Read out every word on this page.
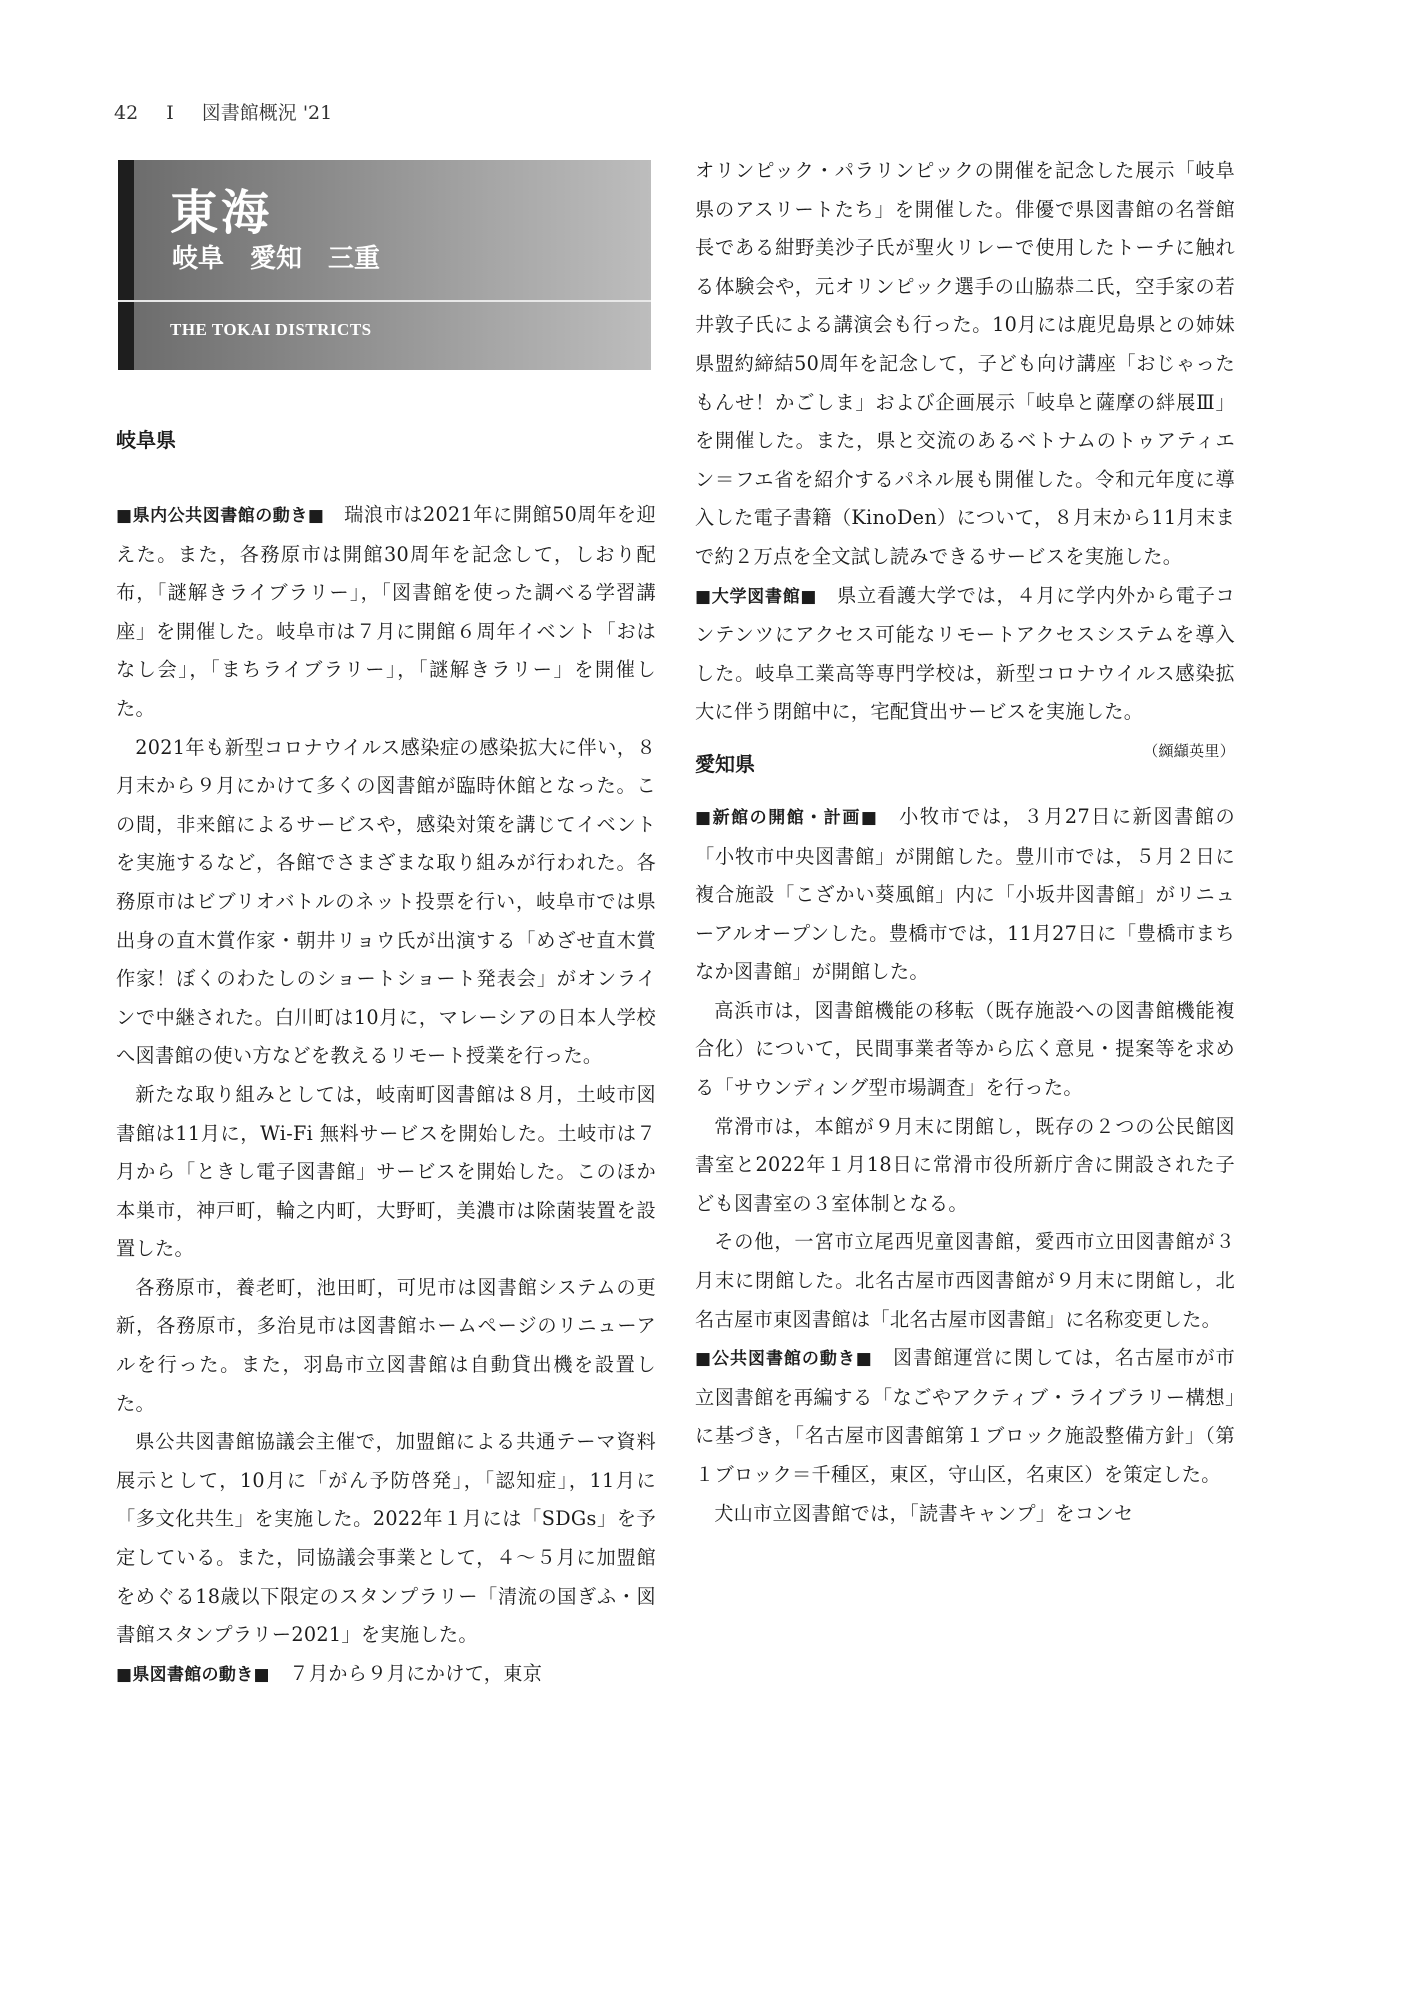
42 I 図書館概況 '21
東海
岐阜　愛知　三重
THE TOKAI DISTRICTS
岐阜県

■県内公共図書館の動き■　瑞浪市は2021年に開館50周年を迎えた。また，各務原市は開館30周年を記念して，しおり配布，「謎解きライブラリー」，「図書館を使った調べる学習講座」を開催した。岐阜市は７月に開館６周年イベント「おはなし会」，「まちライブラリー」，「謎解きラリー」を開催した。

2021年も新型コロナウイルス感染症の感染拡大に伴い，８月末から９月にかけて多くの図書館が臨時休館となった。この間，非来館によるサービスや，感染対策を講じてイベントを実施するなど，各館でさまざまな取り組みが行われた。各務原市はビブリオバトルのネット投票を行い，岐阜市では県出身の直木賞作家・朝井リョウ氏が出演する「めざせ直木賞作家！ぼくのわたしのショートショート発表会」がオンラインで中継された。白川町は10月に，マレーシアの日本人学校へ図書館の使い方などを教えるリモート授業を行った。

新たな取り組みとしては，岐南町図書館は８月，土岐市図書館は11月に，Wi-Fi 無料サービスを開始した。土岐市は７月から「ときし電子図書館」サービスを開始した。このほか本巣市，神戸町，輪之内町，大野町，美濃市は除菌装置を設置した。

各務原市，養老町，池田町，可児市は図書館システムの更新，各務原市，多治見市は図書館ホームページのリニューアルを行った。また，羽島市立図書館は自動貸出機を設置した。

県公共図書館協議会主催で，加盟館による共通テーマ資料展示として，10月に「がん予防啓発」，「認知症」，11月に「多文化共生」を実施した。2022年１月には「SDGs」を予定している。また，同協議会事業として，４～５月に加盟館をめぐる18歳以下限定のスタンプラリー「清流の国ぎふ・図書館スタンプラリー2021」を実施した。

■県図書館の動き■　７月から９月にかけて，東京

オリンピック・パラリンピックの開催を記念した展示「岐阜県のアスリートたち」を開催した。俳優で県図書館の名誉館長である紺野美沙子氏が聖火リレーで使用したトーチに触れる体験会や，元オリンピック選手の山脇恭二氏，空手家の若井敦子氏による講演会も行った。10月には鹿児島県との姉妹県盟約締結50周年を記念して，子ども向け講座「おじゃったもんせ！かごしま」および企画展示「岐阜と薩摩の絆展Ⅲ」を開催した。また，県と交流のあるベトナムのトゥアティエン＝フエ省を紹介するパネル展も開催した。令和元年度に導入した電子書籍（KinoDen）について，８月末から11月末まで約２万点を全文試し読みできるサービスを実施した。

■大学図書館■　県立看護大学では，４月に学内外から電子コンテンツにアクセス可能なリモートアクセスシステムを導入した。岐阜工業高等専門学校は，新型コロナウイルス感染拡大に伴う閉館中に，宅配貸出サービスを実施した。
（纐纈英里）

愛知県

■新館の開館・計画■　小牧市では，３月27日に新図書館の「小牧市中央図書館」が開館した。豊川市では，５月２日に複合施設「こざかい葵風館」内に「小坂井図書館」がリニューアルオープンした。豊橋市では，11月27日に「豊橋市まちなか図書館」が開館した。

高浜市は，図書館機能の移転（既存施設への図書館機能複合化）について，民間事業者等から広く意見・提案等を求める「サウンディング型市場調査」を行った。

常滑市は，本館が９月末に閉館し，既存の２つの公民館図書室と2022年１月18日に常滑市役所新庁舎に開設された子ども図書室の３室体制となる。

その他，一宮市立尾西児童図書館，愛西市立田図書館が３月末に閉館した。北名古屋市西図書館が９月末に閉館し，北名古屋市東図書館は「北名古屋市図書館」に名称変更した。

■公共図書館の動き■　図書館運営に関しては，名古屋市が市立図書館を再編する「なごやアクティブ・ライブラリー構想」に基づき，「名古屋市図書館第１ブロック施設整備方針」（第１ブロック＝千種区，東区，守山区，名東区）を策定した。

犬山市立図書館では，「読書キャンプ」をコンセ
